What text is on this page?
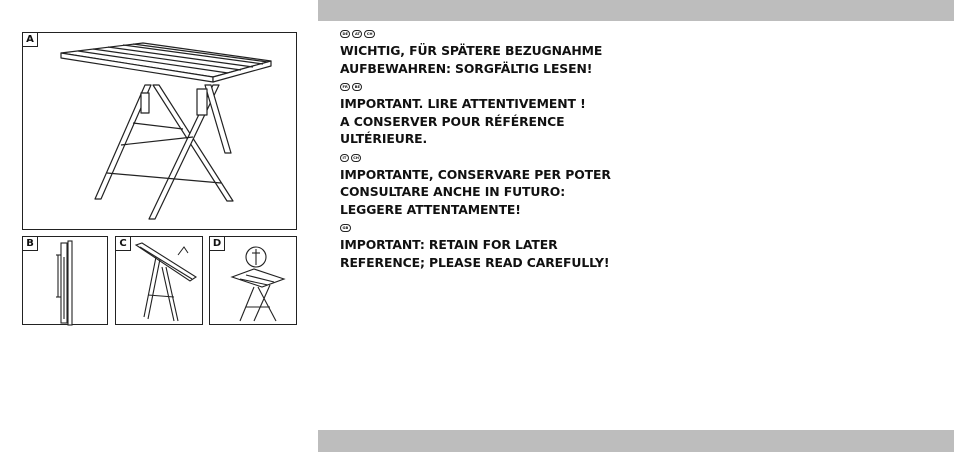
A
B	C	D
DE	AT	CH

WICHTIG, FÜR SPÄTERE BEZUGNAHME
AUFBEWAHREN: SORGFÄLTIG LESEN!

FR	BE

IMPORTANT. LIRE ATTENTIVEMENT !
A CONSERVER POUR RÉFÉRENCE
ULTÉRIEURE.

IT	CH

IMPORTANTE, CONSERVARE PER POTER
CONSULTARE ANCHE IN FUTURO:
LEGGERE ATTENTAMENTE!

GB

IMPORTANT: RETAIN FOR LATER
REFERENCE; PLEASE READ CAREFULLY!
